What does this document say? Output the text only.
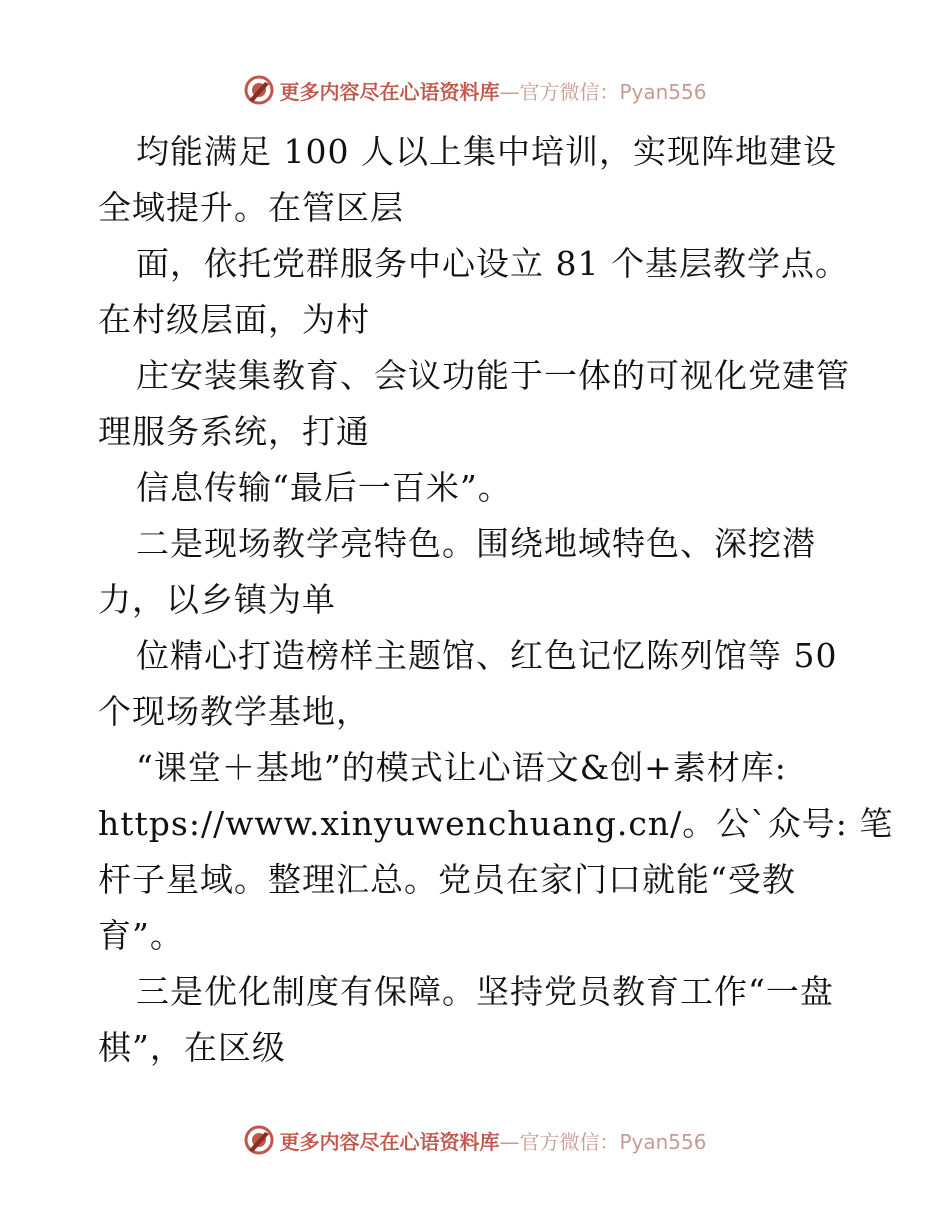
更多内容尽在心语资料库—官方微信：Pyan556
均能满足 100 人以上集中培训，实现阵地建设
全域提升。在管区层
面，依托党群服务中心设立 81 个基层教学点。
在村级层面，为村
庄安装集教育、会议功能于一体的可视化党建管
理服务系统，打通
信息传输“最后一百米”。
二是现场教学亮特色。围绕地域特色、深挖潜
力，以乡镇为单
位精心打造榜样主题馆、红色记忆陈列馆等 50
个现场教学基地，
“课堂＋基地”的模式让心语文&创+素材库:
https://www.xinyuwenchuang.cn/。公`众号: 笔
杆子星域。整理汇总。党员在家门口就能“受教
育”。
三是优化制度有保障。坚持党员教育工作“一盘
棋”，在区级
更多内容尽在心语资料库—官方微信：Pyan556
